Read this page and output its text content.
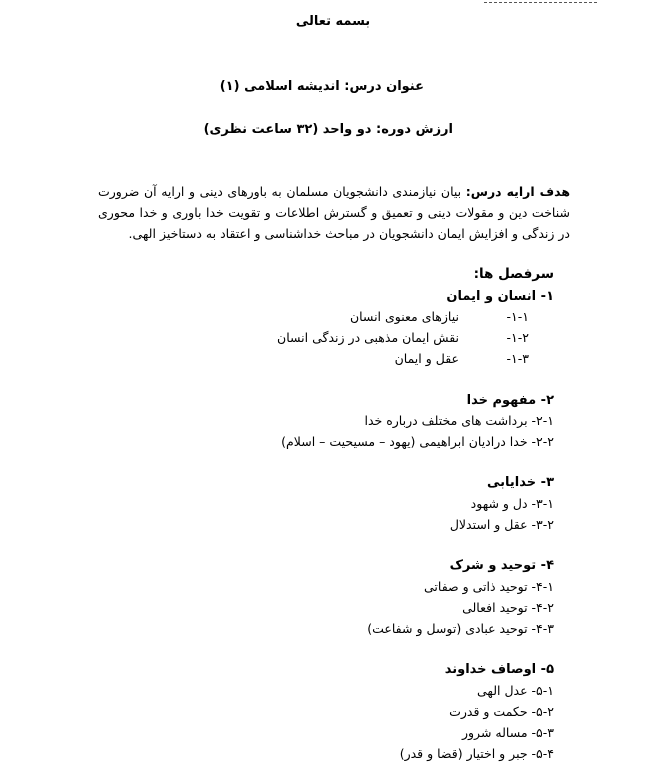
بسمه تعالی
عنوان درس: اندیشه اسلامی (۱)
ارزش دوره: دو واحد (۳۲ ساعت نظری)
هدف ارایه درس: بیان نیازمندی دانشجویان مسلمان به باورهای دینی و ارایه آن ضرورت شناخت دین و مقولات دینی و تعمیق و گسترش اطلاعات و تقویت خدا باوری و خدا محوری در زندگی و افزایش ایمان دانشجویان در مباحث خداشناسی و اعتقاد به دستاخیز الهی.
سرفصل ها:
۱- انسان و ایمان
۱-۱-
نیازهای معنوی انسان
۱-۲-
نقش ایمان مذهبی در زندگی انسان
۱-۳-
عقل و ایمان
۲- مفهوم خدا
۲-۱- برداشت های مختلف درباره خدا
۲-۲- خدا درادیان ابراهیمی (یهود – مسیحیت – اسلام)
۳- خدایابی
۳-۱- دل و شهود
۳-۲- عقل و استدلال
۴- توحید و شرک
۴-۱- توحید ذاتی و صفاتی
۴-۲- توحید افعالی
۴-۳- توحید عبادی (توسل و شفاعت)
۵- اوصاف خداوند
۵-۱- عدل الهی
۵-۲- حکمت و قدرت
۵-۳- مساله شرور
۵-۴- جبر و اختیار (قضا و قدر)
